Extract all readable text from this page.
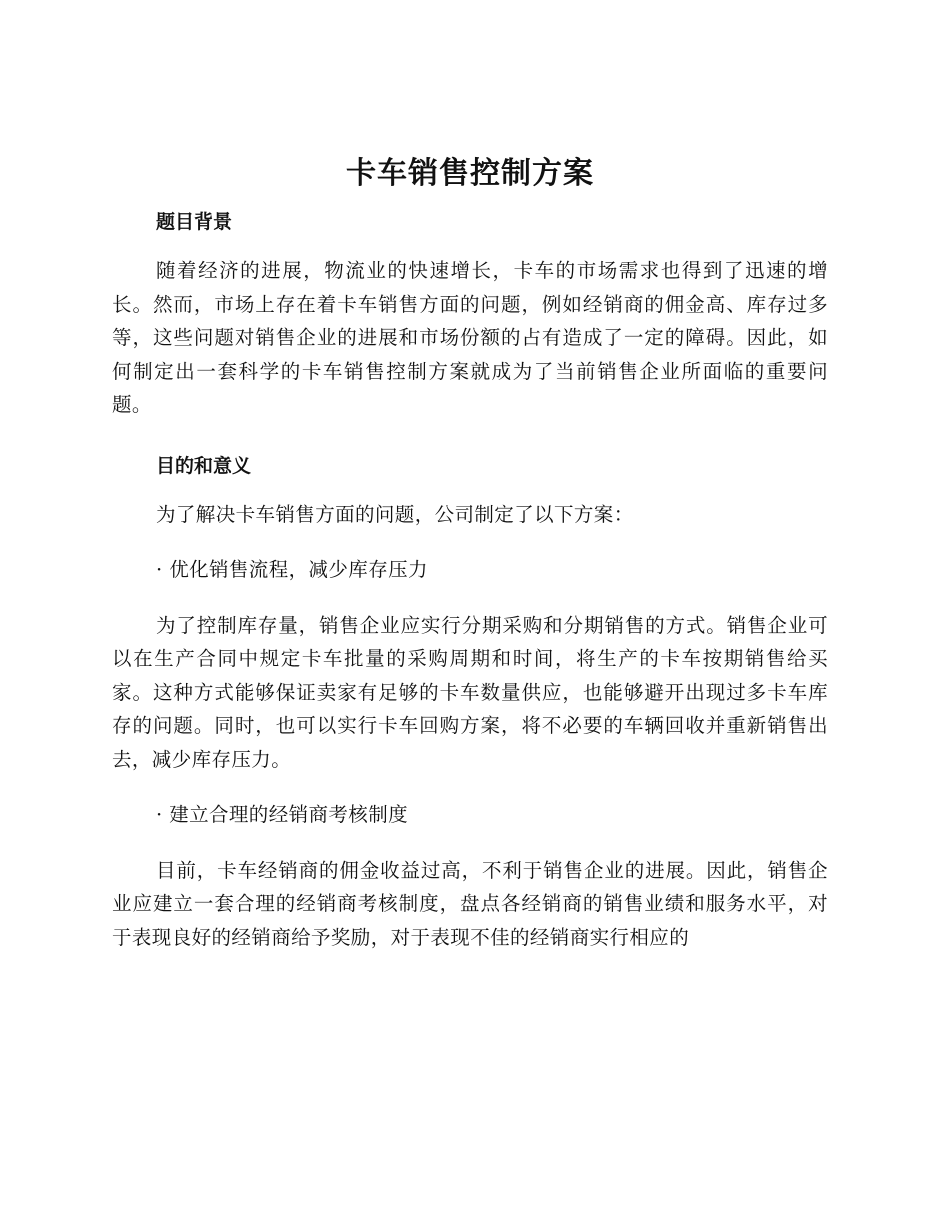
卡车销售控制方案
题目背景

随着经济的进展，物流业的快速增长，卡车的市场需求也得到了迅速的增长。然而，市场上存在着卡车销售方面的问题，例如经销商的佣金高、库存过多等，这些问题对销售企业的进展和市场份额的占有造成了一定的障碍。因此，如何制定出一套科学的卡车销售控制方案就成为了当前销售企业所面临的重要问题。

目的和意义

为了解决卡车销售方面的问题，公司制定了以下方案：

· 优化销售流程，减少库存压力

为了控制库存量，销售企业应实行分期采购和分期销售的方式。销售企业可以在生产合同中规定卡车批量的采购周期和时间，将生产的卡车按期销售给买家。这种方式能够保证卖家有足够的卡车数量供应，也能够避开出现过多卡车库存的问题。同时，也可以实行卡车回购方案，将不必要的车辆回收并重新销售出去，减少库存压力。

· 建立合理的经销商考核制度

目前，卡车经销商的佣金收益过高，不利于销售企业的进展。因此，销售企业应建立一套合理的经销商考核制度，盘点各经销商的销售业绩和服务水平，对于表现良好的经销商给予奖励，对于表现不佳的经销商实行相应的
